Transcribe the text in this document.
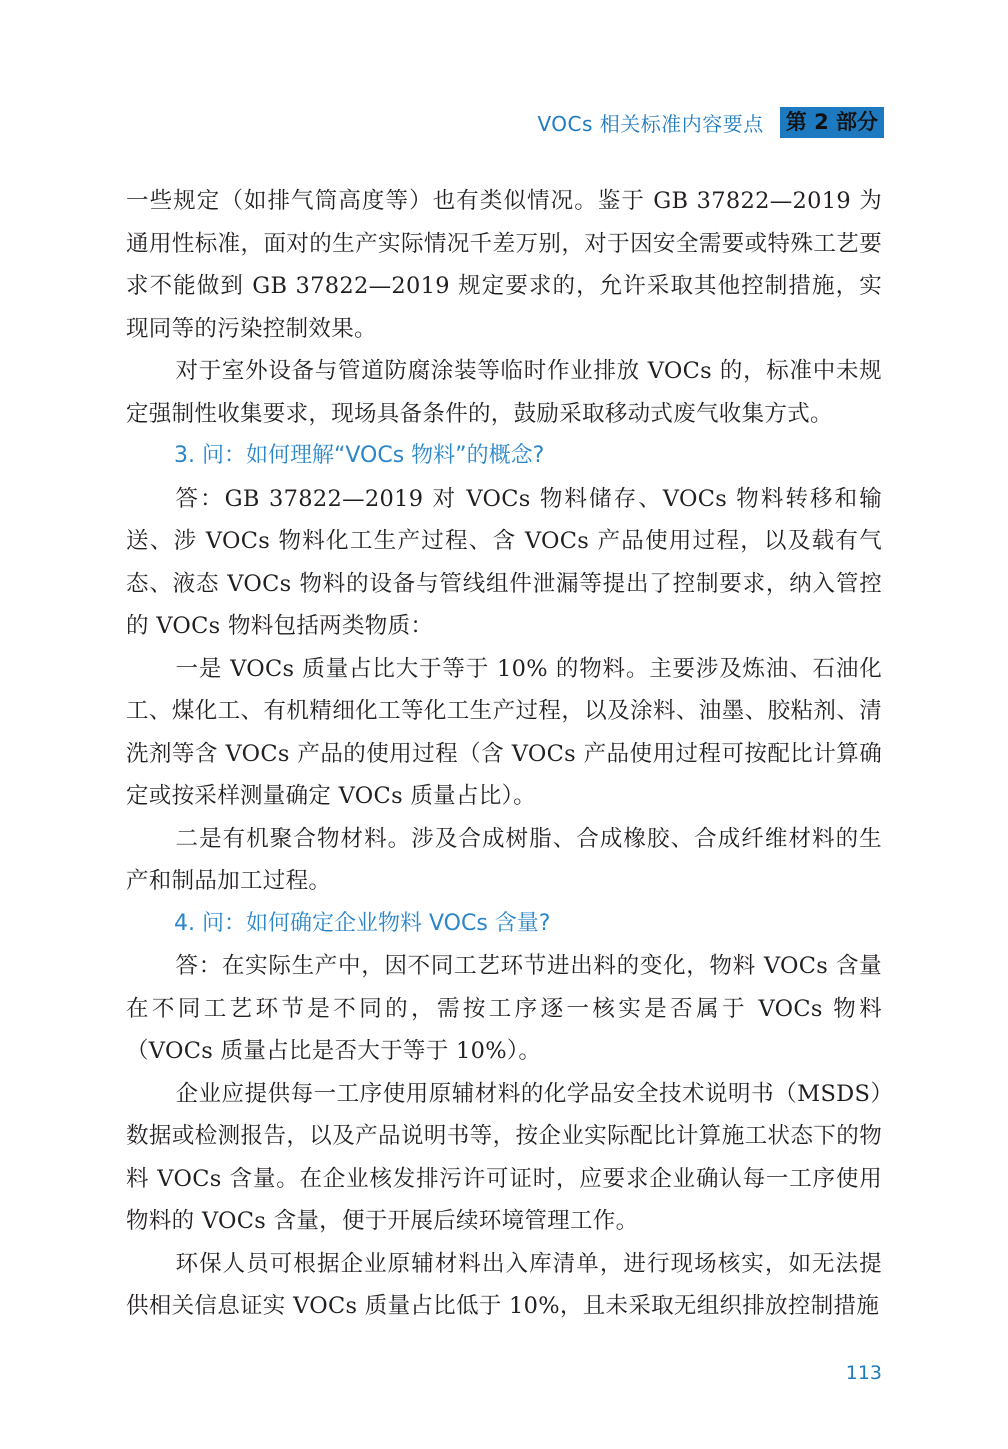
VOCs 相关标准内容要点 第 2 部分

一些规定（如排气筒高度等）也有类似情况。鉴于 GB 37822—2019 为通用性标准，面对的生产实际情况千差万别，对于因安全需要或特殊工艺要求不能做到 GB 37822—2019 规定要求的，允许采取其他控制措施，实现同等的污染控制效果。

对于室外设备与管道防腐涂装等临时作业排放 VOCs 的，标准中未规定强制性收集要求，现场具备条件的，鼓励采取移动式废气收集方式。

3. 问：如何理解“VOCs 物料”的概念?

答：GB 37822—2019 对 VOCs 物料储存、VOCs 物料转移和输送、涉 VOCs 物料化工生产过程、含 VOCs 产品使用过程，以及载有气态、液态 VOCs 物料的设备与管线组件泄漏等提出了控制要求，纳入管控的 VOCs 物料包括两类物质：

一是 VOCs 质量占比大于等于 10% 的物料。主要涉及炼油、石油化工、煤化工、有机精细化工等化工生产过程，以及涂料、油墨、胶粘剂、清洗剂等含 VOCs 产品的使用过程（含 VOCs 产品使用过程可按配比计算确定或按采样测量确定 VOCs 质量占比）。

二是有机聚合物材料。涉及合成树脂、合成橡胶、合成纤维材料的生产和制品加工过程。

4. 问：如何确定企业物料 VOCs 含量?

答：在实际生产中，因不同工艺环节进出料的变化，物料 VOCs 含量在不同工艺环节是不同的，需按工序逐一核实是否属于 VOCs 物料（VOCs 质量占比是否大于等于 10%）。

企业应提供每一工序使用原辅材料的化学品安全技术说明书（MSDS）数据或检测报告，以及产品说明书等，按企业实际配比计算施工状态下的物料 VOCs 含量。在企业核发排污许可证时，应要求企业确认每一工序使用物料的 VOCs 含量，便于开展后续环境管理工作。

环保人员可根据企业原辅材料出入库清单，进行现场核实，如无法提供相关信息证实 VOCs 质量占比低于 10%，且未采取无组织排放控制措施

113
